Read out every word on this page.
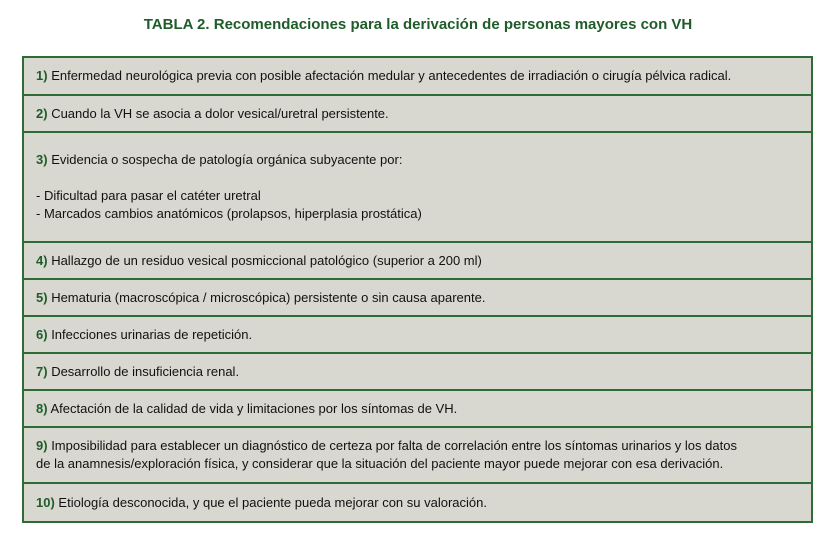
TABLA 2. Recomendaciones para la derivación de personas mayores con VH
1) Enfermedad neurológica previa con posible afectación medular y antecedentes de irradiación o cirugía pélvica radical.
2) Cuando la VH se asocia a dolor vesical/uretral persistente.
3) Evidencia o sospecha de patología orgánica subyacente por:
- Dificultad para pasar el catéter uretral
- Marcados cambios anatómicos (prolapsos, hiperplasia prostática)
4) Hallazgo de un residuo vesical posmiccional patológico (superior a 200 ml)
5) Hematuria (macroscópica / microscópica) persistente o sin causa aparente.
6) Infecciones urinarias de repetición.
7) Desarrollo de insuficiencia renal.
8) Afectación de la calidad de vida y limitaciones por los síntomas de VH.
9) Imposibilidad para establecer un diagnóstico de certeza por falta de correlación entre los síntomas urinarios y los datos
de la anamnesis/exploración física, y considerar que la situación del paciente mayor puede mejorar con esa derivación.
10) Etiología desconocida, y que el paciente pueda mejorar con su valoración.
